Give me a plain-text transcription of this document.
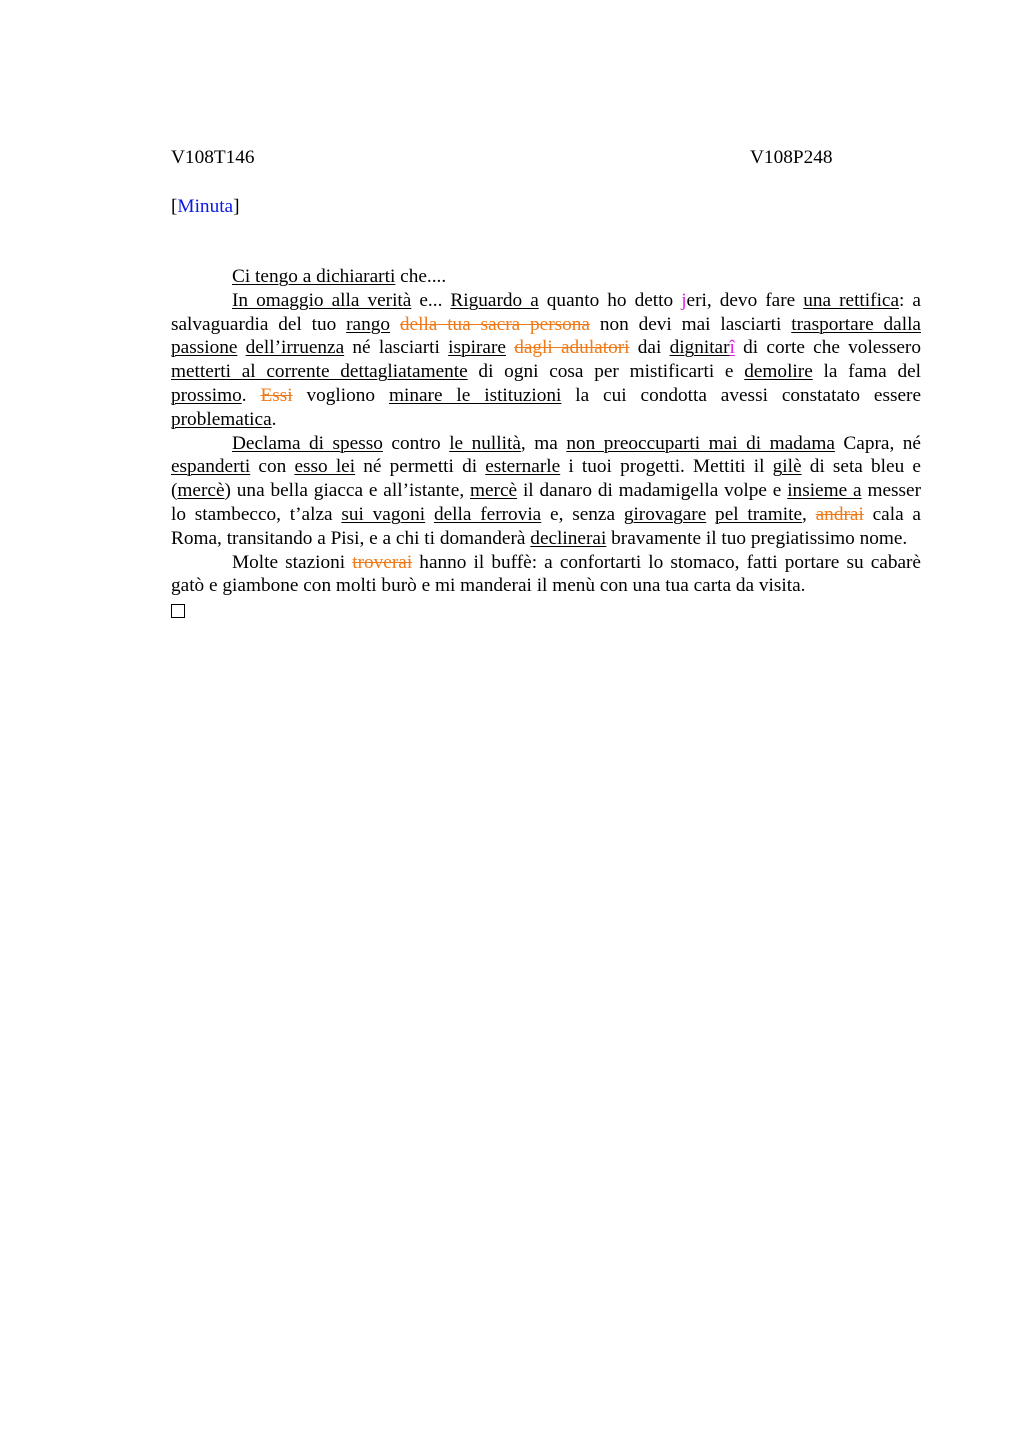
V108T146	V108P248
[Minuta]

Ci tengo a dichiararti che....

In omaggio alla verità e... Riguardo a quanto ho detto jeri, devo fare una rettifica: a salvaguardia del tuo rango della tua sacra persona non devi mai lasciarti trasportare dalla passione dell’irruenza né lasciarti ispirare dagli adulatori dai dignitarî di corte che volessero metterti al corrente dettagliatamente di ogni cosa per mistificarti e demolire la fama del prossimo. Essi vogliono minare le istituzioni la cui condotta avessi constatato essere problematica.

Declama di spesso contro le nullità, ma non preoccuparti mai di madama Capra, né espanderti con esso lei né permetti di esternarle i tuoi progetti. Mettiti il gilè di seta bleu e (mercè) una bella giacca e all’istante, mercè il danaro di madamigella volpe e insieme a messer lo stambecco, t’alza sui vagoni della ferrovia e, senza girovagare pel tramite, andrai cala a Roma, transitando a Pisi, e a chi ti domanderà declinerai bravamente il tuo pregiatissimo nome.

Molte stazioni troverai hanno il buffè: a confortarti lo stomaco, fatti portare su cabarè gatò e giambone con molti burò e mi manderai il menù con una tua carta da visita.
